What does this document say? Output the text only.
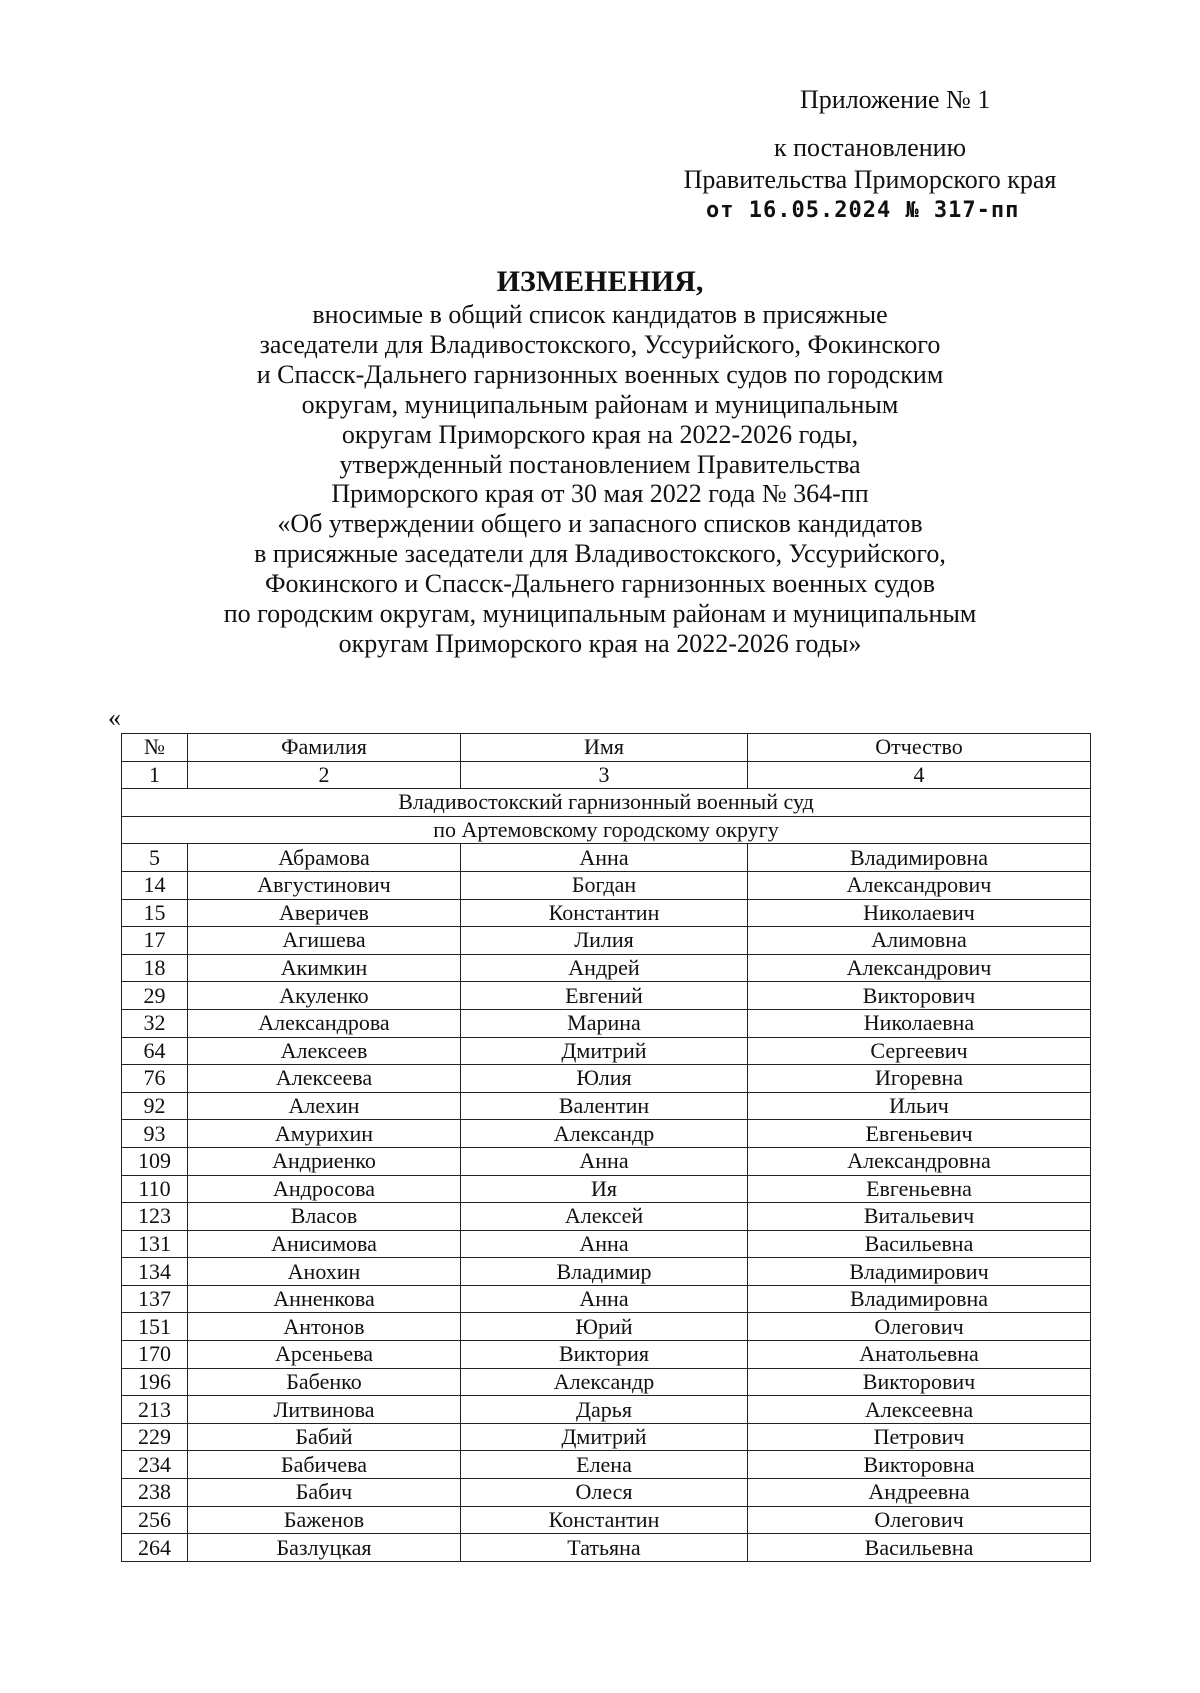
Приложение № 1
к постановлению
Правительства Приморского края
от 16.05.2024 № 317-пп
ИЗМЕНЕНИЯ,
вносимые в общий список кандидатов в присяжные
заседатели для Владивостокского, Уссурийского, Фокинского
и Спасск-Дальнего гарнизонных военных судов по городским
округам, муниципальным районам и муниципальным
округам Приморского края на 2022-2026 годы,
утвержденный постановлением Правительства
Приморского края от 30 мая 2022 года № 364-пп
«Об утверждении общего и запасного списков кандидатов
в присяжные заседатели для Владивостокского, Уссурийского,
Фокинского и Спасск-Дальнего гарнизонных военных судов
по городским округам, муниципальным районам и муниципальным
округам Приморского края на 2022-2026 годы»
«
№	Фамилия	Имя	Отчество
1	2	3	4
Владивостокский гарнизонный военный суд			
по Артемовскому городскому округу			
5	Абрамова	Анна	Владимировна
14	Августинович	Богдан	Александрович
15	Аверичев	Константин	Николаевич
17	Агишева	Лилия	Алимовна
18	Акимкин	Андрей	Александрович
29	Акуленко	Евгений	Викторович
32	Александрова	Марина	Николаевна
64	Алексеев	Дмитрий	Сергеевич
76	Алексеева	Юлия	Игоревна
92	Алехин	Валентин	Ильич
93	Амурихин	Александр	Евгеньевич
109	Андриенко	Анна	Александровна
110	Андросова	Ия	Евгеньевна
123	Власов	Алексей	Витальевич
131	Анисимова	Анна	Васильевна
134	Анохин	Владимир	Владимирович
137	Анненкова	Анна	Владимировна
151	Антонов	Юрий	Олегович
170	Арсеньева	Виктория	Анатольевна
196	Бабенко	Александр	Викторович
213	Литвинова	Дарья	Алексеевна
229	Бабий	Дмитрий	Петрович
234	Бабичева	Елена	Викторовна
238	Бабич	Олеся	Андреевна
256	Баженов	Константин	Олегович
264	Базлуцкая	Татьяна	Васильевна
